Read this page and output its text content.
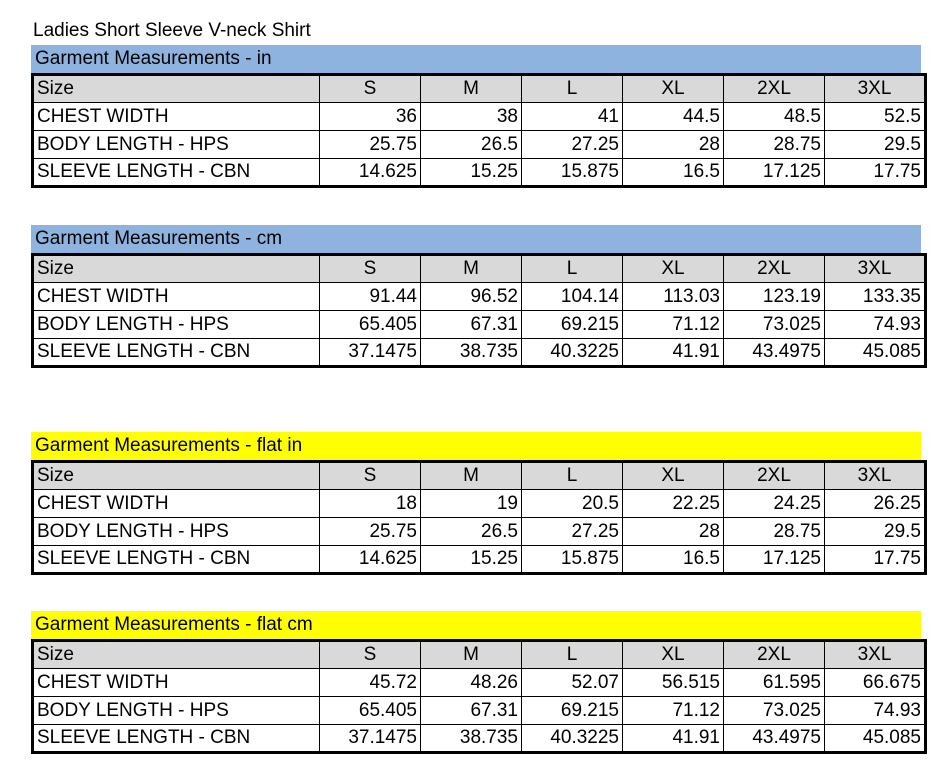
Ladies Short Sleeve V-neck Shirt
Garment Measurements - in
Size	S	M	L	XL	2XL	3XL
CHEST WIDTH	36	38	41	44.5	48.5	52.5
BODY LENGTH - HPS	25.75	26.5	27.25	28	28.75	29.5
SLEEVE LENGTH - CBN	14.625	15.25	15.875	16.5	17.125	17.75
Garment Measurements - cm
Size	S	M	L	XL	2XL	3XL
CHEST WIDTH	91.44	96.52	104.14	113.03	123.19	133.35
BODY LENGTH - HPS	65.405	67.31	69.215	71.12	73.025	74.93
SLEEVE LENGTH - CBN	37.1475	38.735	40.3225	41.91	43.4975	45.085
Garment Measurements - flat in
Size	S	M	L	XL	2XL	3XL
CHEST WIDTH	18	19	20.5	22.25	24.25	26.25
BODY LENGTH - HPS	25.75	26.5	27.25	28	28.75	29.5
SLEEVE LENGTH - CBN	14.625	15.25	15.875	16.5	17.125	17.75
Garment Measurements - flat cm
Size	S	M	L	XL	2XL	3XL
CHEST WIDTH	45.72	48.26	52.07	56.515	61.595	66.675
BODY LENGTH - HPS	65.405	67.31	69.215	71.12	73.025	74.93
SLEEVE LENGTH - CBN	37.1475	38.735	40.3225	41.91	43.4975	45.085
